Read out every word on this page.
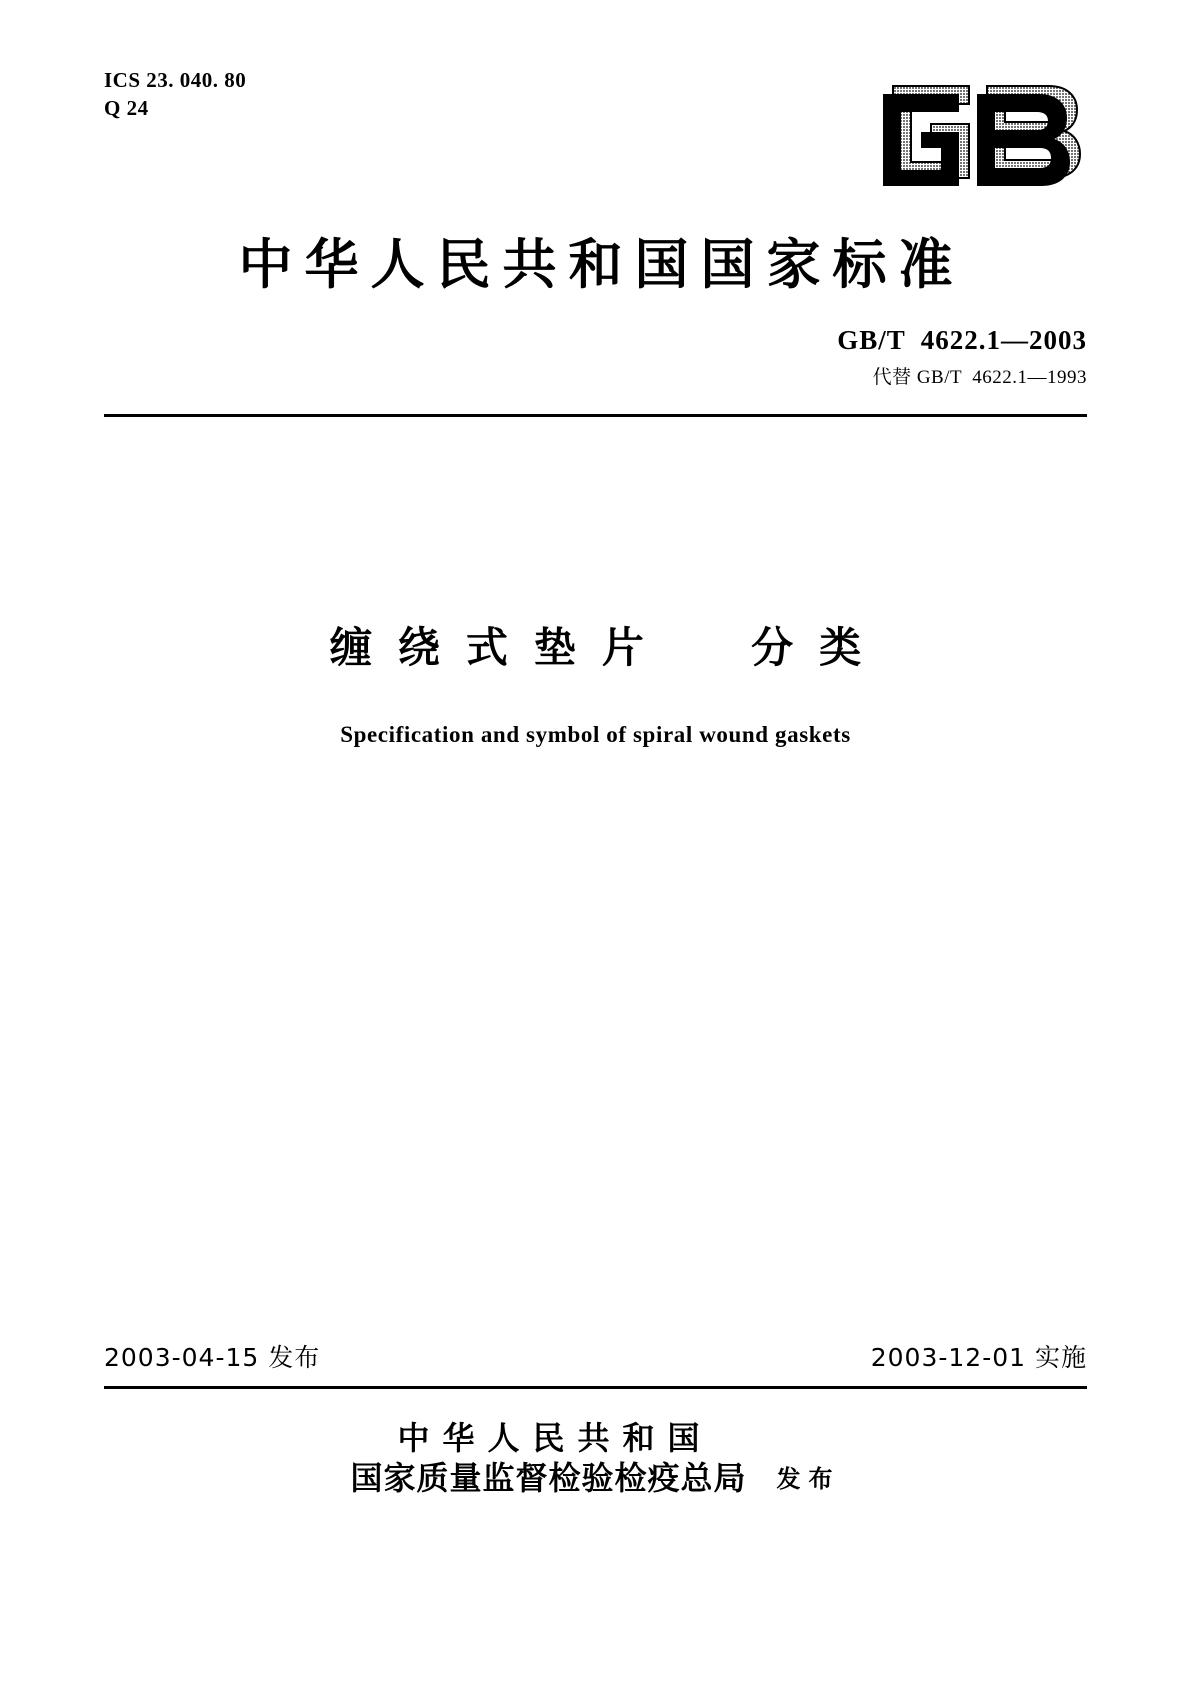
ICS 23. 040. 80
Q 24
中华人民共和国国家标准
GB/T  4622.1—2003
代替 GB/T  4622.1—1993
缠绕式垫片  分类
Specification and symbol of spiral wound gaskets
2003-04-15 发布	2003-12-01 实施
中华人民共和国
国家质量监督检验检疫总局	发布
